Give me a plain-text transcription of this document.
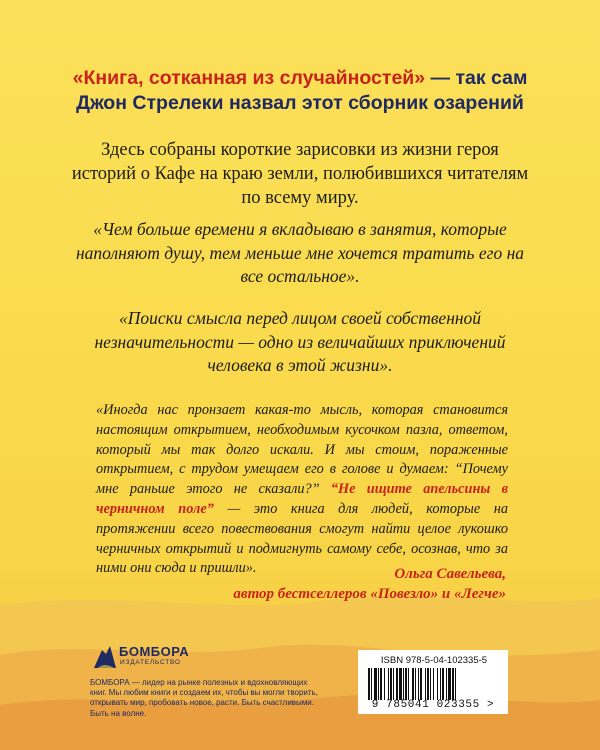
«Книга, сотканная из случайностей» — так сам Джон Стрелеки назвал этот сборник озарений

Здесь собраны короткие зарисовки из жизни героя историй о Кафе на краю земли, полюбившихся читателям по всему миру.

«Чем больше времени я вкладываю в занятия, которые наполняют душу, тем меньше мне хочется тратить его на все остальное».

«Поиски смысла перед лицом своей собственной незначительности — одно из величайших приключений человека в этой жизни».

«Иногда нас пронзает какая-то мысль, которая становится настоящим открытием, необходимым кусочком пазла, ответом, который мы так долго искали. И мы стоим, пораженные открытием, с трудом умещаем его в голове и думаем: “Почему мне раньше этого не сказали?” “Не ищите апельсины в черничном поле” — это книга для людей, которые на протяжении всего повествования смогут найти целое лукошко черничных открытий и подмигнуть самому себе, осознав, что за ними они сюда и пришли».	Ольга Савельева,
автор бестселлеров «Повезло» и «Легче»
БОМБОРА
ИЗДАТЕЛЬСТВО

БОМБОРА — лидер на рынке полезных и вдохновляющих книг. Мы любим книги и создаем их, чтобы вы могли творить, открывать мир, пробовать новое, расти. Быть счастливыми. Быть на волне.

ISBN 978-5-04-102335-5
9 785041 023355 >
